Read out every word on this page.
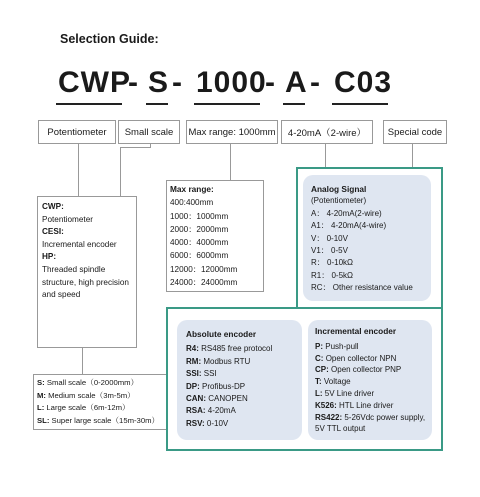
Selection Guide:
CWP
- S - 1000
- A - C03
Potentiometer	Small scale	Max range: 1000mm	4-20mA（2-wire）	Special code
CWP:
Potentiometer
CESI:
Incremental encoder
HP:
Threaded spindle structure, high precision and speed
S: Small scale（0-2000mm）
M: Medium scale（3m-5m）
L: Large scale（6m-12m）
SL: Super large scale（15m-30m）
Max range:
400:400mm
1000：1000mm
2000：2000mm
4000：4000mm
6000：6000mm
12000：12000mm
24000：24000mm
Analog Signal
(Potentiometer)
A： 4-20mA(2-wire)
A1： 4-20mA(4-wire)
V： 0-10V
V1： 0-5V
R： 0-10kΩ
R1： 0-5kΩ
RC： Other resistance value
Absolute encoder
R4: RS485 free protocol
RM: Modbus RTU
SSI: SSI
DP: Profibus-DP
CAN: CANOPEN
RSA: 4-20mA
RSV: 0-10V
Incremental encoder
P: Push-pull
C: Open collector NPN
CP: Open collector PNP
T: Voltage
L: 5V Line driver
K526: HTL Line driver
RS422: 5-26Vdc power supply, 5V TTL output
